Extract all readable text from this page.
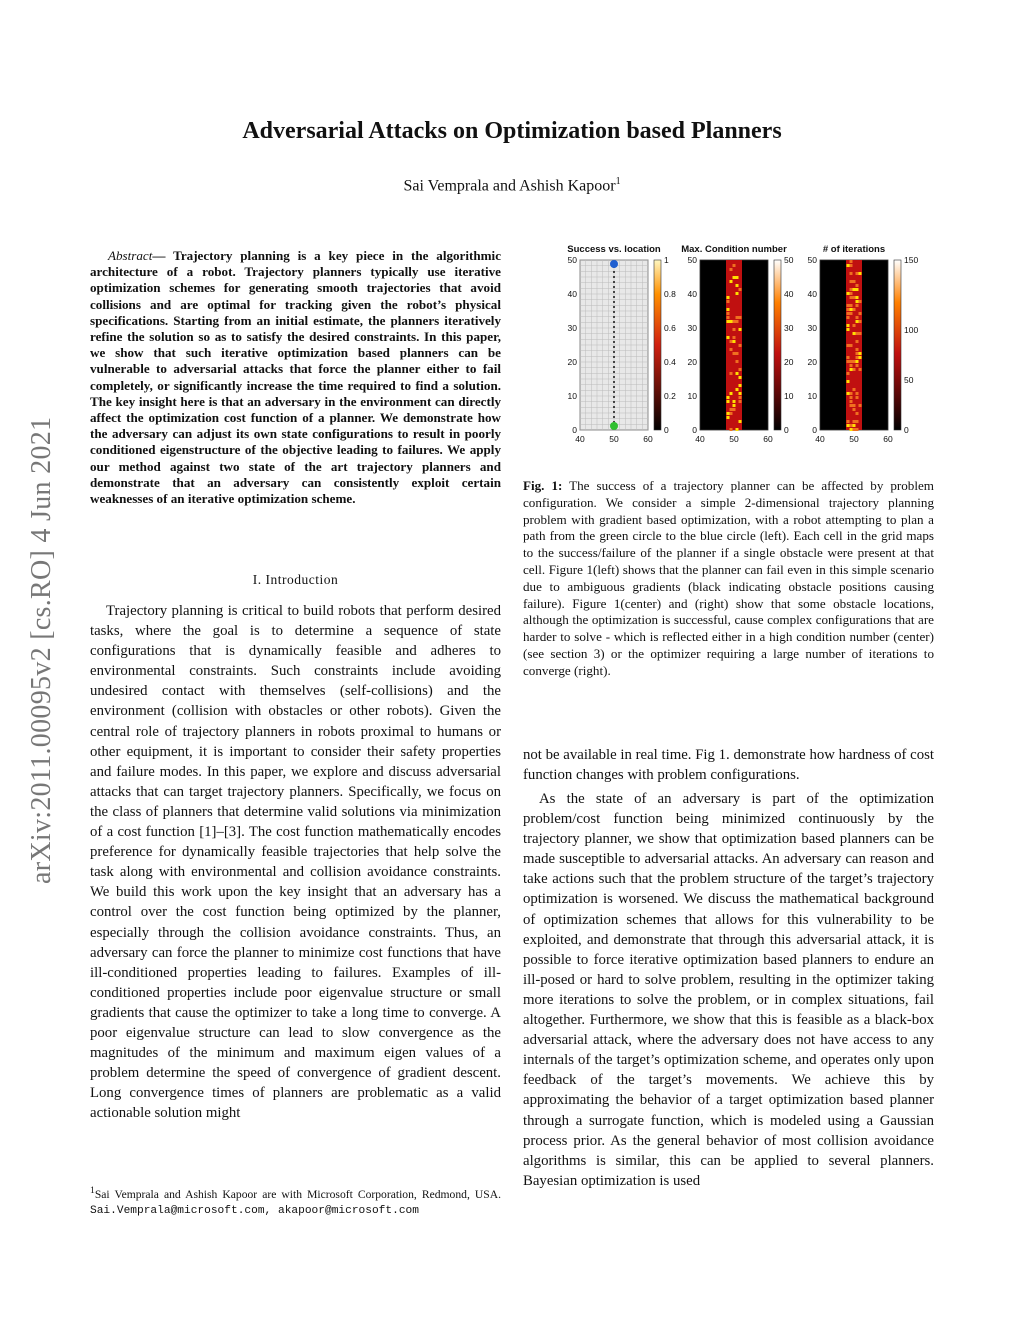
Adversarial Attacks on Optimization based Planners
Sai Vemprala and Ashish Kapoor$^1$
arXiv:2011.00095v2 [cs.RO] 4 Jun 2021
Abstract— Trajectory planning is a key piece in the algorithmic architecture of a robot. Trajectory planners typically use iterative optimization schemes for generating smooth trajectories that avoid collisions and are optimal for tracking given the robot’s physical specifications. Starting from an initial estimate, the planners iteratively refine the solution so as to satisfy the desired constraints. In this paper, we show that such iterative optimization based planners can be vulnerable to adversarial attacks that force the planner either to fail completely, or significantly increase the time required to find a solution. The key insight here is that an adversary in the environment can directly affect the optimization cost function of a planner. We demonstrate how the adversary can adjust its own state configurations to result in poorly conditioned eigenstructure of the objective leading to failures. We apply our method against two state of the art trajectory planners and demonstrate that an adversary can consistently exploit certain weaknesses of an iterative optimization scheme.
I. Introduction
Trajectory planning is critical to build robots that perform desired tasks, where the goal is to determine a sequence of state configurations that is dynamically feasible and adheres to environmental constraints. Such constraints include avoiding undesired contact with themselves (self-collisions) and the environment (collision with obstacles or other robots). Given the central role of trajectory planners in robots proximal to humans or other equipment, it is important to consider their safety properties and failure modes. In this paper, we explore and discuss adversarial attacks that can target trajectory planners. Specifically, we focus on the class of planners that determine valid solutions via minimization of a cost function [1]–[3]. The cost function mathematically encodes preference for dynamically feasible trajectories that help solve the task along with environmental and collision avoidance constraints. We build this work upon the key insight that an adversary has a control over the cost function being optimized by the planner, especially through the collision avoidance constraints. Thus, an adversary can force the planner to minimize cost functions that have ill-conditioned properties leading to failures. Examples of ill-conditioned properties include poor eigenvalue structure or small gradients that cause the optimizer to take a long time to converge. A poor eigenvalue structure can lead to slow convergence as the magnitudes of the minimum and maximum eigen values of a problem determine the speed of convergence of gradient descent. Long convergence times of planners are problematic as a valid actionable solution might
$^1$Sai Vemprala and Ashish Kapoor are with Microsoft Corporation, Redmond, USA. Sai.Vemprala@microsoft.com, akapoor@microsoft.com
Success vs. location
50
40
30
20
10
0
40	50	60
1
0.8
0.6
0.4
0.2
0
Max. Condition number
50
40
30
20
10
0
40	50	60
50
40
30
20
10
0
# of iterations
50
40
30
20
10
0
40	50	60
150
100
50
0
Fig. 1: The success of a trajectory planner can be affected by problem configuration. We consider a simple 2-dimensional trajectory planning problem with gradient based optimization, with a robot attempting to plan a path from the green circle to the blue circle (left). Each cell in the grid maps to the success/failure of the planner if a single obstacle were present at that cell. Figure 1(left) shows that the planner can fail even in this simple scenario due to ambiguous gradients (black indicating obstacle positions causing failure). Figure 1(center) and (right) show that some obstacle locations, although the optimization is successful, cause complex configurations that are harder to solve - which is reflected either in a high condition number (center) (see section 3) or the optimizer requiring a large number of iterations to converge (right).
not be available in real time. Fig 1. demonstrate how hardness of cost function changes with problem configurations.
As the state of an adversary is part of the optimization problem/cost function being minimized continuously by the trajectory planner, we show that optimization based planners can be made susceptible to adversarial attacks. An adversary can reason and take actions such that the problem structure of the target’s trajectory optimization is worsened. We discuss the mathematical background of optimization schemes that allows for this vulnerability to be exploited, and demonstrate that through this adversarial attack, it is possible to force iterative optimization based planners to endure an ill-posed or hard to solve problem, resulting in the optimizer taking more iterations to solve the problem, or in complex situations, fail altogether. Furthermore, we show that this is feasible as a black-box adversarial attack, where the adversary does not have access to any internals of the target’s optimization scheme, and operates only upon feedback of the target’s movements. We achieve this by approximating the behavior of a target optimization based planner through a surrogate function, which is modeled using a Gaussian process prior. As the general behavior of most collision avoidance algorithms is similar, this can be applied to several planners. Bayesian optimization is used
